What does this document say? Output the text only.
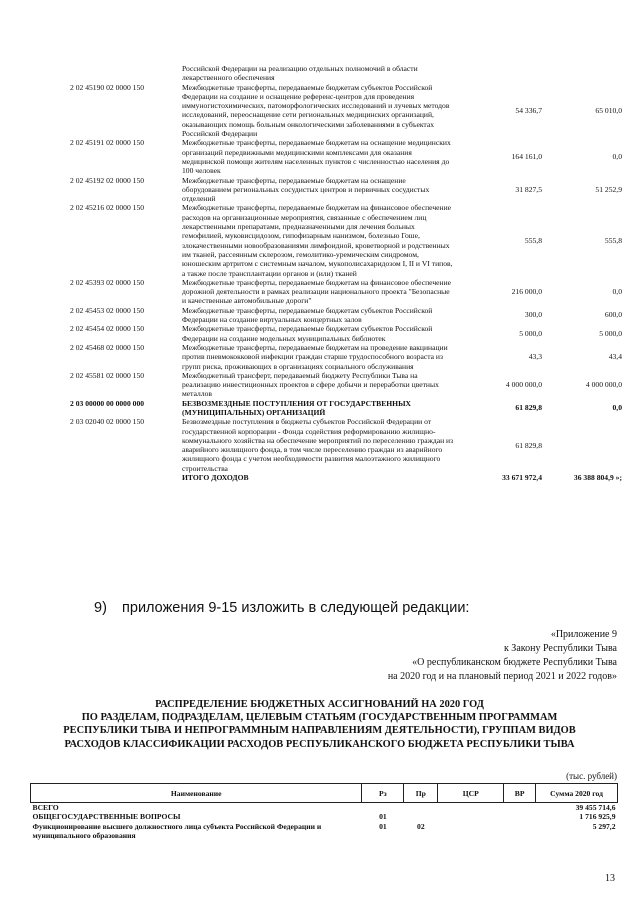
Российской Федерации на реализацию отдельных полномочий в области лекарственного обеспечения
2 02 45190 02 0000 150	Межбюджетные трансферты, передаваемые бюджетам субъектов Российской Федерации на создание и оснащение референс-центров для проведения иммуногистохимических, патоморфологических исследований и лучевых методов исследований, переоснащение сети региональных медицинских организаций, оказывающих помощь больным онкологическими заболеваниями в субъектах Российской Федерации
54 336,7	65 010,0
2 02 45191 02 0000 150	Межбюджетные трансферты, передаваемые бюджетам на оснащение медицинских организаций передвижными медицинскими комплексами для оказания медицинской помощи жителям населенных пунктов с численностью населения до 100 человек
164 161,0	0,0
2 02 45192 02 0000 150	Межбюджетные трансферты, передаваемые бюджетам на оснащение оборудованием региональных сосудистых центров и первичных сосудистых отделений
31 827,5	51 252,9
2 02 45216 02 0000 150	Межбюджетные трансферты, передаваемые бюджетам на финансовое обеспечение расходов на организационные мероприятия, связанные с обеспечением лиц лекарственными препаратами, предназначенными для лечения больных гемофилией, муковисцидозом, гипофизарным нанизмом, болезнью Гоше, злокачественными новообразованиями лимфоидной, кроветворной и родственных им тканей, рассеянным склерозом, гемолитико-уремическим синдромом, юношеским артритом с системным началом, мукополисахаридозом I, II и VI типов, а также после трансплантации органов и (или) тканей
555,8	555,8
2 02 45393 02 0000 150	Межбюджетные трансферты, передаваемые бюджетам на финансовое обеспечение дорожной деятельности в рамках реализации национального проекта "Безопасные и качественные автомобильные дороги"
216 000,0	0,0
2 02 45453 02 0000 150	Межбюджетные трансферты, передаваемые бюджетам субъектов Российской Федерации на создание виртуальных концертных залов
300,0	600,0
2 02 45454 02 0000 150	Межбюджетные трансферты, передаваемые бюджетам субъектов Российской Федерации на создание модельных муниципальных библиотек
5 000,0	5 000,0
2 02 45468 02 0000 150	Межбюджетные трансферты, передаваемые бюджетам на проведение вакцинации против пневмококковой инфекции граждан старше трудоспособного возраста из групп риска, проживающих в организациях социального обслуживания
43,3	43,4
2 02 45581 02 0000 150	Межбюджетный трансферт, передаваемый бюджету Республики Тыва на реализацию инвестиционных проектов в сфере добычи и переработки цветных металлов
4 000 000,0	4 000 000,0
2 03 00000 00 0000 000	БЕЗВОЗМЕЗДНЫЕ ПОСТУПЛЕНИЯ ОТ ГОСУДАРСТВЕННЫХ (МУНИЦИПАЛЬНЫХ) ОРГАНИЗАЦИЙ
61 829,8	0,0
2 03 02040 02 0000 150	Безвозмездные поступления в бюджеты субъектов Российской Федерации от государственной корпорации - Фонда содействия реформированию жилищно-коммунального хозяйства на обеспечение мероприятий по переселению граждан из аварийного жилищного фонда, в том числе переселению граждан из аварийного жилищного фонда с учетом необходимости развития малоэтажного жилищного строительства
61 829,8
ИТОГО ДОХОДОВ	33 671 972,4	36 388 804,9 »;
9) приложения 9-15 изложить в следующей редакции:
«Приложение 9
к Закону Республики Тыва
«О республиканском бюджете Республики Тыва
на 2020 год и на плановый период 2021 и 2022 годов»
РАСПРЕДЕЛЕНИЕ БЮДЖЕТНЫХ АССИГНОВАНИЙ НА 2020 ГОД
ПО РАЗДЕЛАМ, ПОДРАЗДЕЛАМ, ЦЕЛЕВЫМ СТАТЬЯМ (ГОСУДАРСТВЕННЫМ ПРОГРАММАМ
РЕСПУБЛИКИ ТЫВА И НЕПРОГРАММНЫМ НАПРАВЛЕНИЯМ ДЕЯТЕЛЬНОСТИ), ГРУППАМ ВИДОВ
РАСХОДОВ КЛАССИФИКАЦИИ РАСХОДОВ РЕСПУБЛИКАНСКОГО БЮДЖЕТА РЕСПУБЛИКИ ТЫВА
(тыс. рублей)
Наименование	Рз	Пр	ЦСР	ВР	Сумма 2020 год
ВСЕГО					39 455 714,6
ОБЩЕГОСУДАРСТВЕННЫЕ ВОПРОСЫ	01				1 716 925,9
Функционирование высшего должностного лица субъекта Российской Федерации и муниципального образования	01	02			5 297,2
13
